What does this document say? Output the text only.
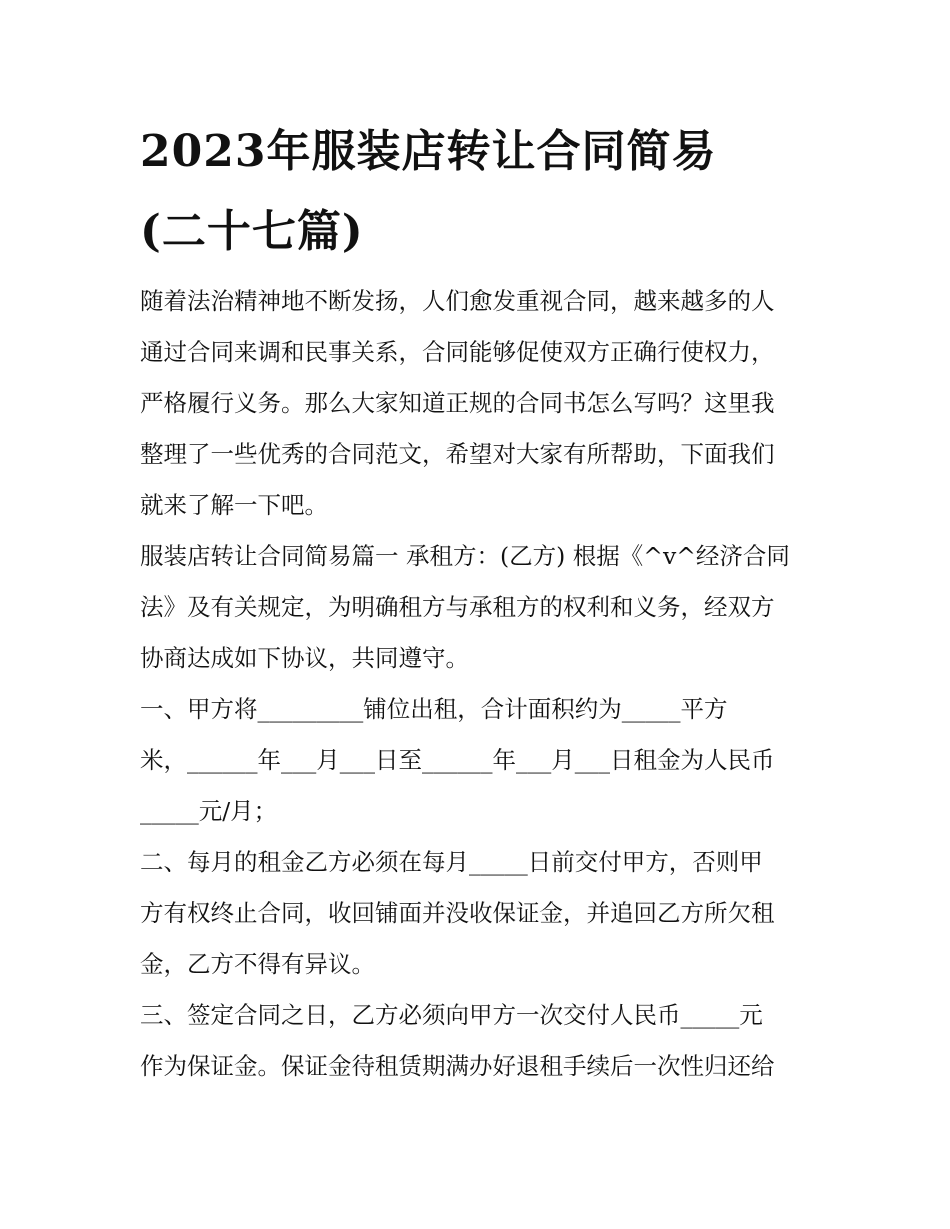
2023年服装店转让合同简易
(二十七篇)
随着法治精神地不断发扬，人们愈发重视合同，越来越多的人
通过合同来调和民事关系，合同能够促使双方正确行使权力，
严格履行义务。那么大家知道正规的合同书怎么写吗？这里我
整理了一些优秀的合同范文，希望对大家有所帮助，下面我们
就来了解一下吧。
服装店转让合同简易篇一 承租方：(乙方) 根据《^v^经济合同
法》及有关规定，为明确租方与承租方的权利和义务，经双方
协商达成如下协议，共同遵守。
一、甲方将_________铺位出租，合计面积约为_____平方
米，______年___月___日至______年___月___日租金为人民币
_____元/月；
二、每月的租金乙方必须在每月_____日前交付甲方，否则甲
方有权终止合同，收回铺面并没收保证金，并追回乙方所欠租
金，乙方不得有异议。
三、签定合同之日，乙方必须向甲方一次交付人民币_____元
作为保证金。保证金待租赁期满办好退租手续后一次性归还给
